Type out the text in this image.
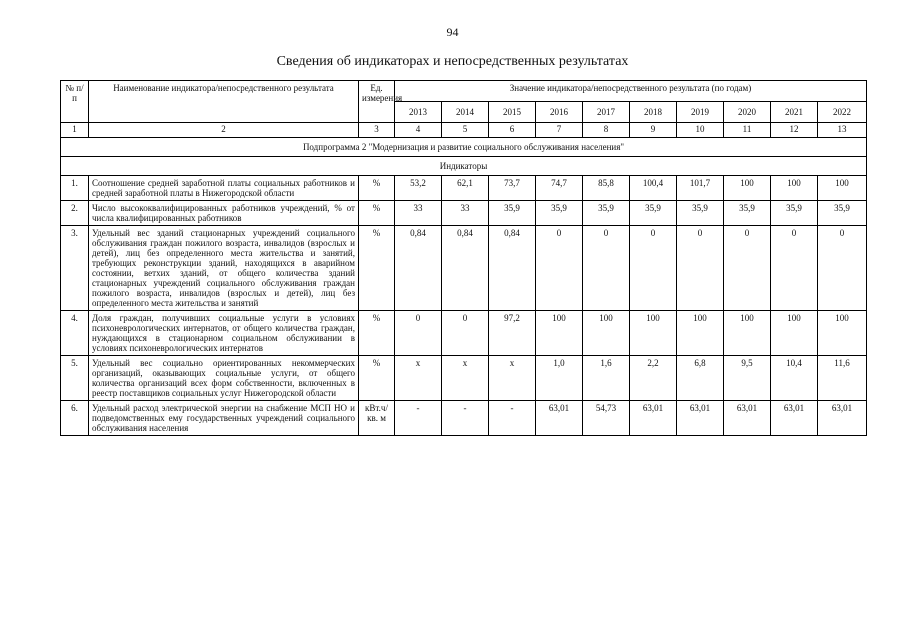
94
Сведения об индикаторах и непосредственных результатах
№ п/п	Наименование индикатора/непосредственного результата	Ед. измерения	Значение индикатора/непосредственного результата (по годам)									
			2013	2014	2015	2016	2017	2018	2019	2020	2021	2022
1	2	3	4	5	6	7	8	9	10	11	12	13
Подпрограмма 2 "Модернизация и развитие социального обслуживания населения"												
Индикаторы												
1.	Соотношение средней заработной платы социальных работников и средней заработной платы в Нижегородской области	%	53,2	62,1	73,7	74,7	85,8	100,4	101,7	100	100	100
2.	Число высококвалифицированных работников учреждений, % от числа квалифицированных работников	%	33	33	35,9	35,9	35,9	35,9	35,9	35,9	35,9	35,9
3.	Удельный вес зданий стационарных учреждений социального обслуживания граждан пожилого возраста, инвалидов (взрослых и детей), лиц без определенного места жительства и занятий, требующих реконструкции зданий, находящихся в аварийном состоянии, ветхих зданий, от общего количества зданий стационарных учреждений социального обслуживания граждан пожилого возраста, инвалидов (взрослых и детей), лиц без определенного места жительства и занятий	%	0,84	0,84	0,84	0	0	0	0	0	0	0
4.	Доля граждан, получивших социальные услуги в условиях психоневрологических интернатов, от общего количества граждан, нуждающихся в стационарном социальном обслуживании в условиях психоневрологических интернатов	%	0	0	97,2	100	100	100	100	100	100	100
5.	Удельный вес социально ориентированных некоммерческих организаций, оказывающих социальные услуги, от общего количества организаций всех форм собственности, включенных в реестр поставщиков социальных услуг Нижегородской области	%	х	х	х	1,0	1,6	2,2	6,8	9,5	10,4	11,6
6.	Удельный расход электрической энергии на снабжение МСП НО и подведомственных ему государственных учреждений социального обслуживания населения	кВт.ч/ кв. м	-	-	-	63,01	54,73	63,01	63,01	63,01	63,01	63,01
